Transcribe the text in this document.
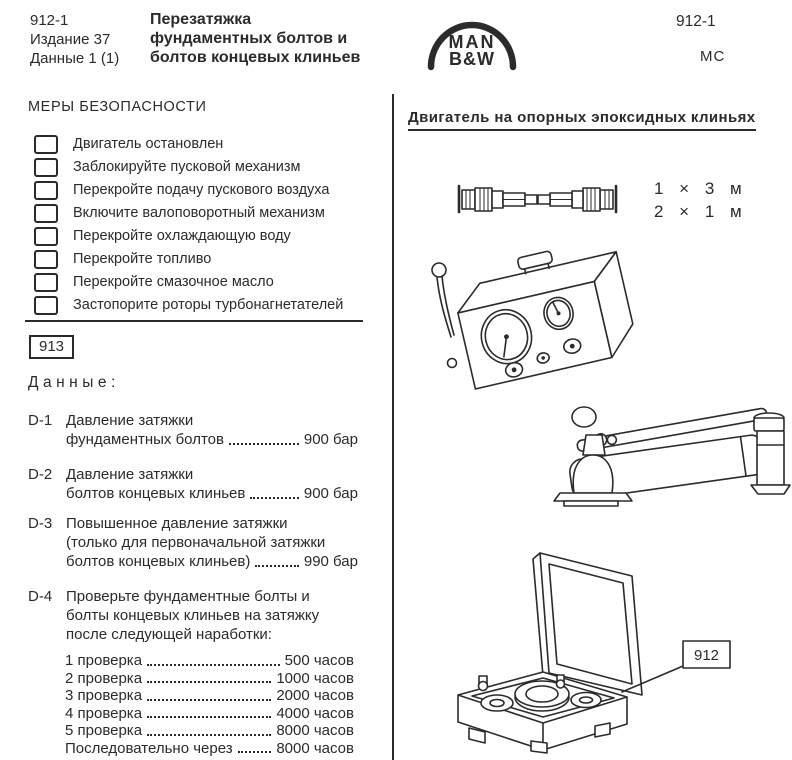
912-1
Издание 37
Данные 1 (1)
Перезатяжка
фундаментных болтов и
болтов концевых клиньев
MAN
B&W
912-1
MC
МЕРЫ БЕЗОПАСНОСТИ
Двигатель остановлен
Заблокируйте пусковой механизм
Перекройте подачу пускового воздуха
Включите валоповоротный механизм
Перекройте охлаждающую воду
Перекройте топливо
Перекройте смазочное масло
Застопорите роторы турбонагнетателей
913
Данные:
D-1 Давление затяжки
фундаментных болтов	900 бар
D-2 Давление затяжки
болтов концевых клиньев	900 бар
D-3 Повышенное давление затяжки
(только для первоначальной затяжки
болтов концевых клиньев)	990 бар
D-4 Проверьте фундаментные болты и
болты концевых клиньев на затяжку
после следующей наработки:
1 проверка	500 часов
2 проверка	1000 часов
3 проверка	2000 часов
4 проверка	4000 часов
5 проверка	8000 часов
Последовательно через	8000 часов
Двигатель на опорных эпоксидных клиньях
1 × 3 м
2 × 1 м
912
